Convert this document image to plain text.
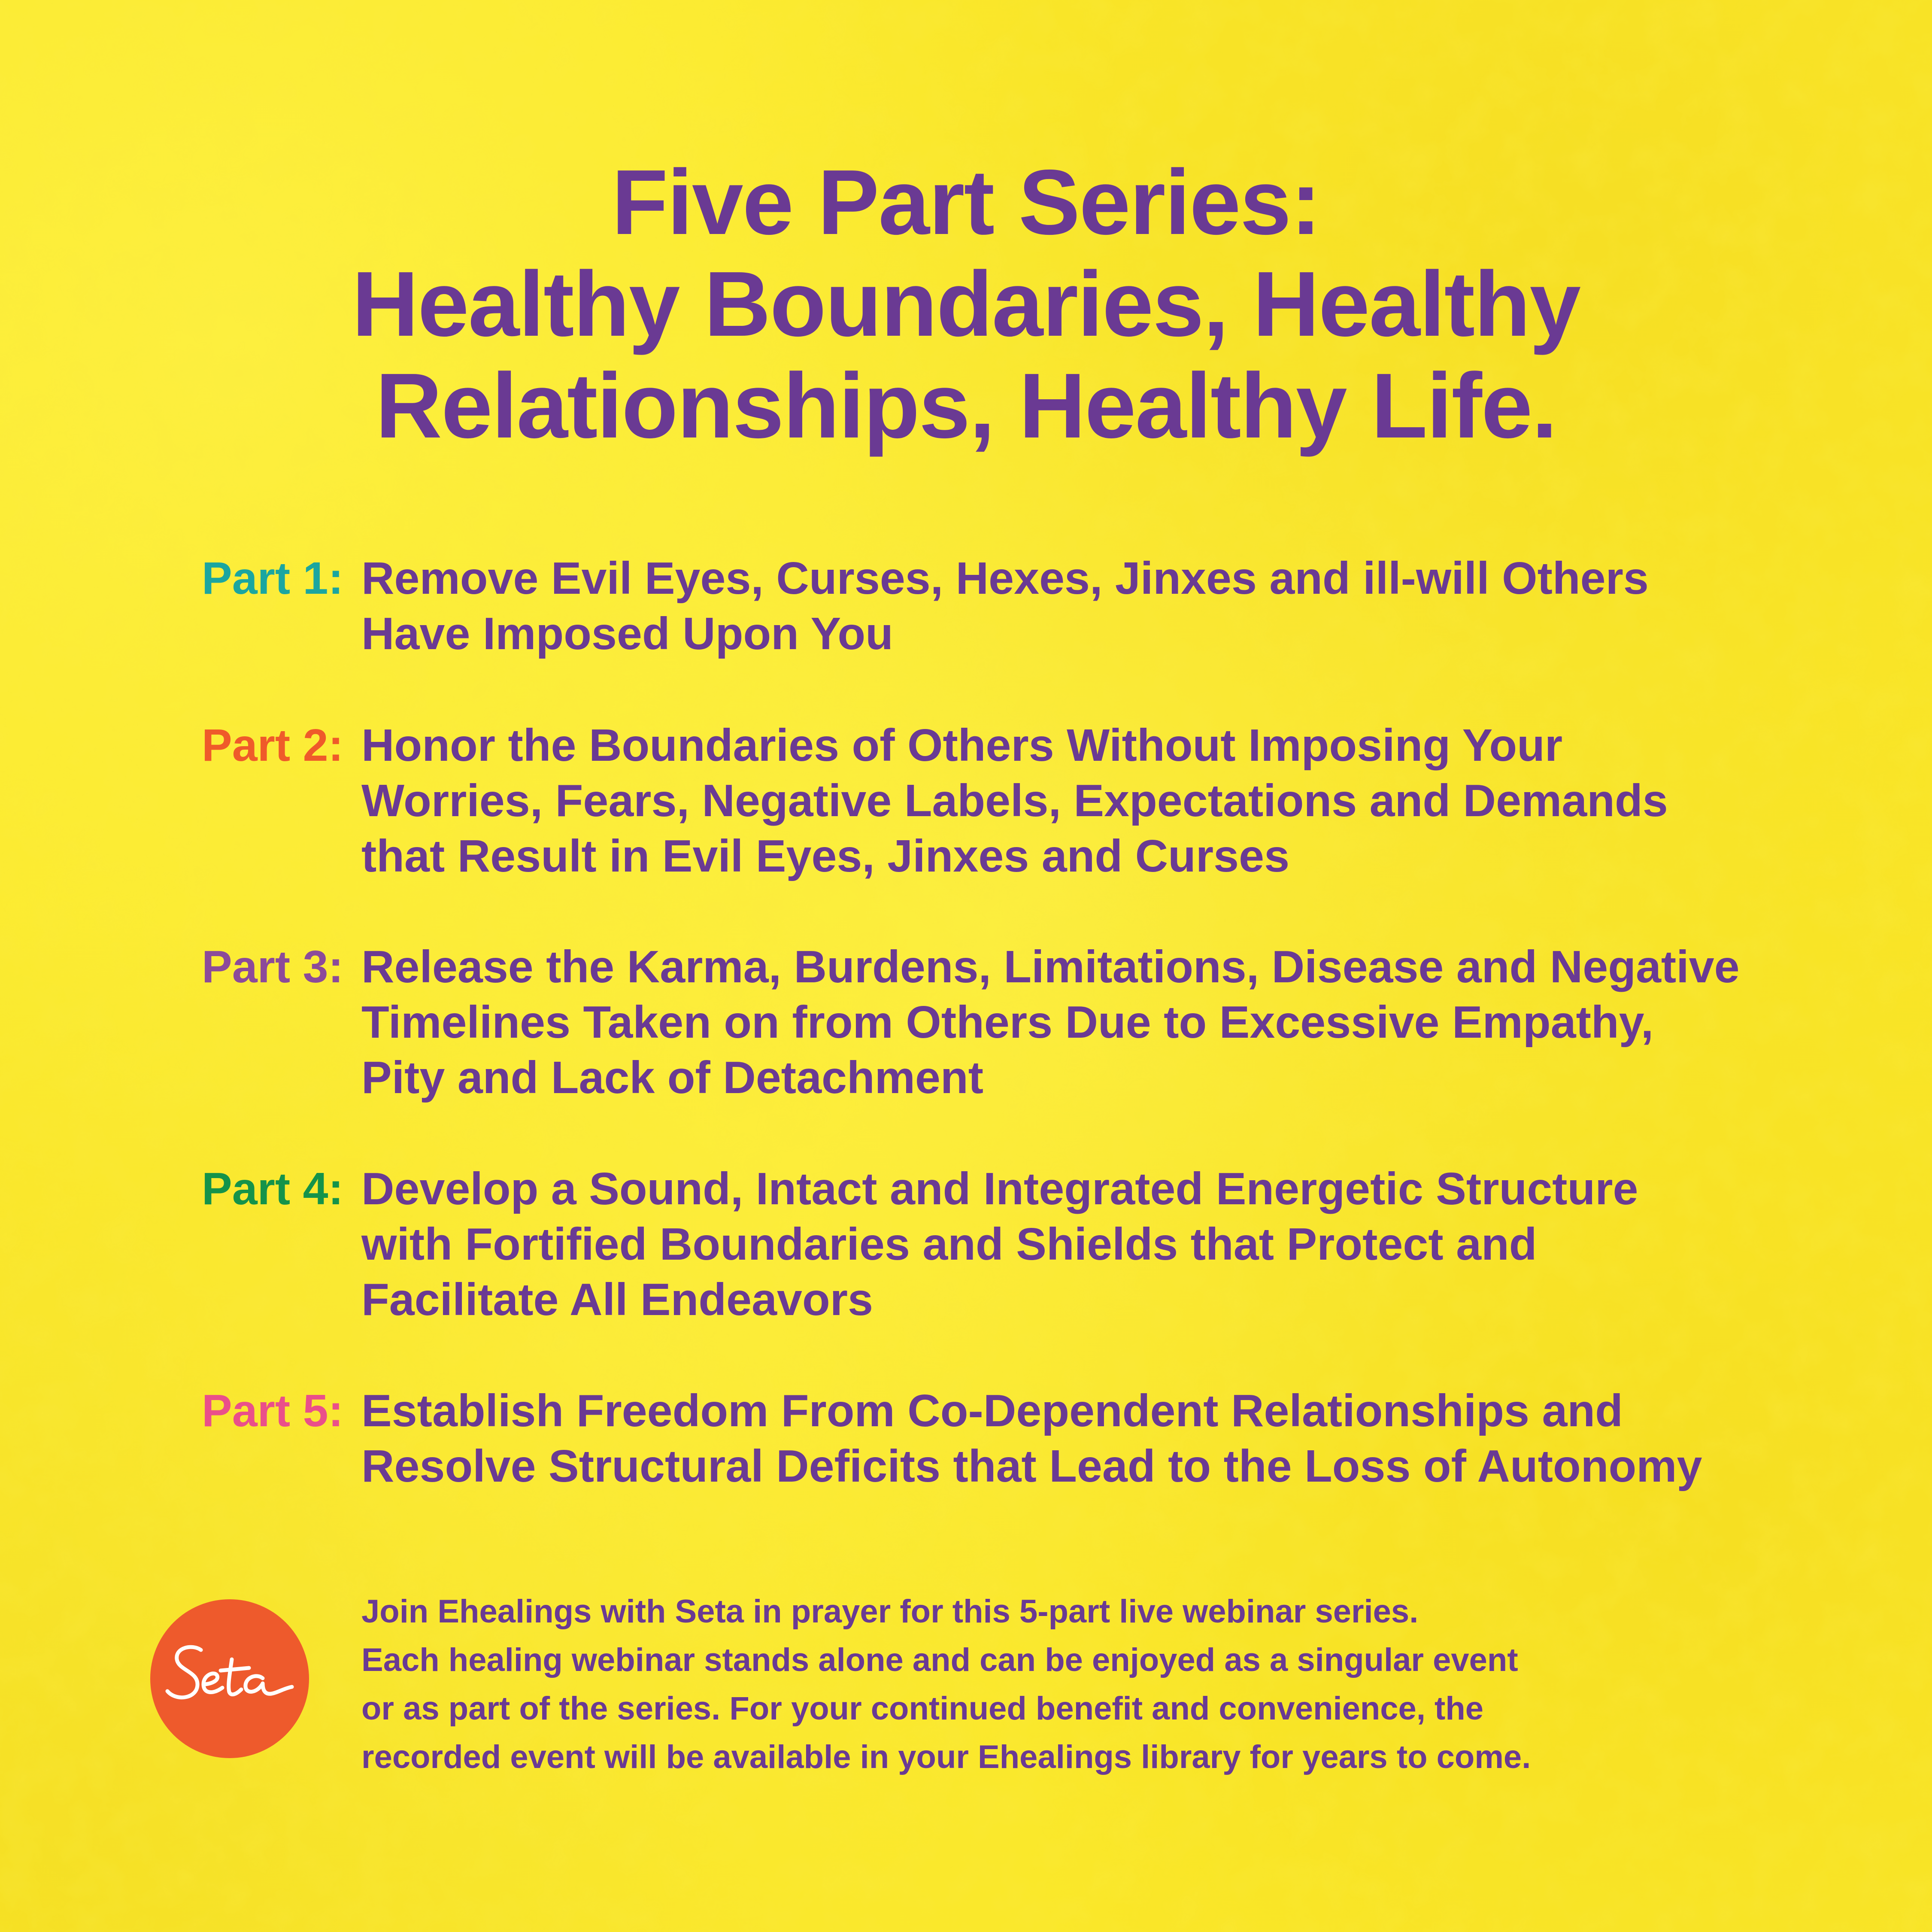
Five Part Series:
Healthy Boundaries, Healthy
Relationships, Healthy Life.
Part 1: Remove Evil Eyes, Curses, Hexes, Jinxes and ill-will Others
Have Imposed Upon You
Part 2: Honor the Boundaries of Others Without Imposing Your
Worries, Fears, Negative Labels, Expectations and Demands
that Result in Evil Eyes, Jinxes and Curses
Part 3: Release the Karma, Burdens, Limitations, Disease and Negative
Timelines Taken on from Others Due to Excessive Empathy,
Pity and Lack of Detachment
Part 4: Develop a Sound, Intact and Integrated Energetic Structure
with Fortified Boundaries and Shields that Protect and
Facilitate All Endeavors
Part 5: Establish Freedom From Co-Dependent Relationships and
Resolve Structural Deficits that Lead to the Loss of Autonomy
Join Ehealings with Seta in prayer for this 5-part live webinar series.
Each healing webinar stands alone and can be enjoyed as a singular event
or as part of the series. For your continued benefit and convenience, the
recorded event will be available in your Ehealings library for years to come.
